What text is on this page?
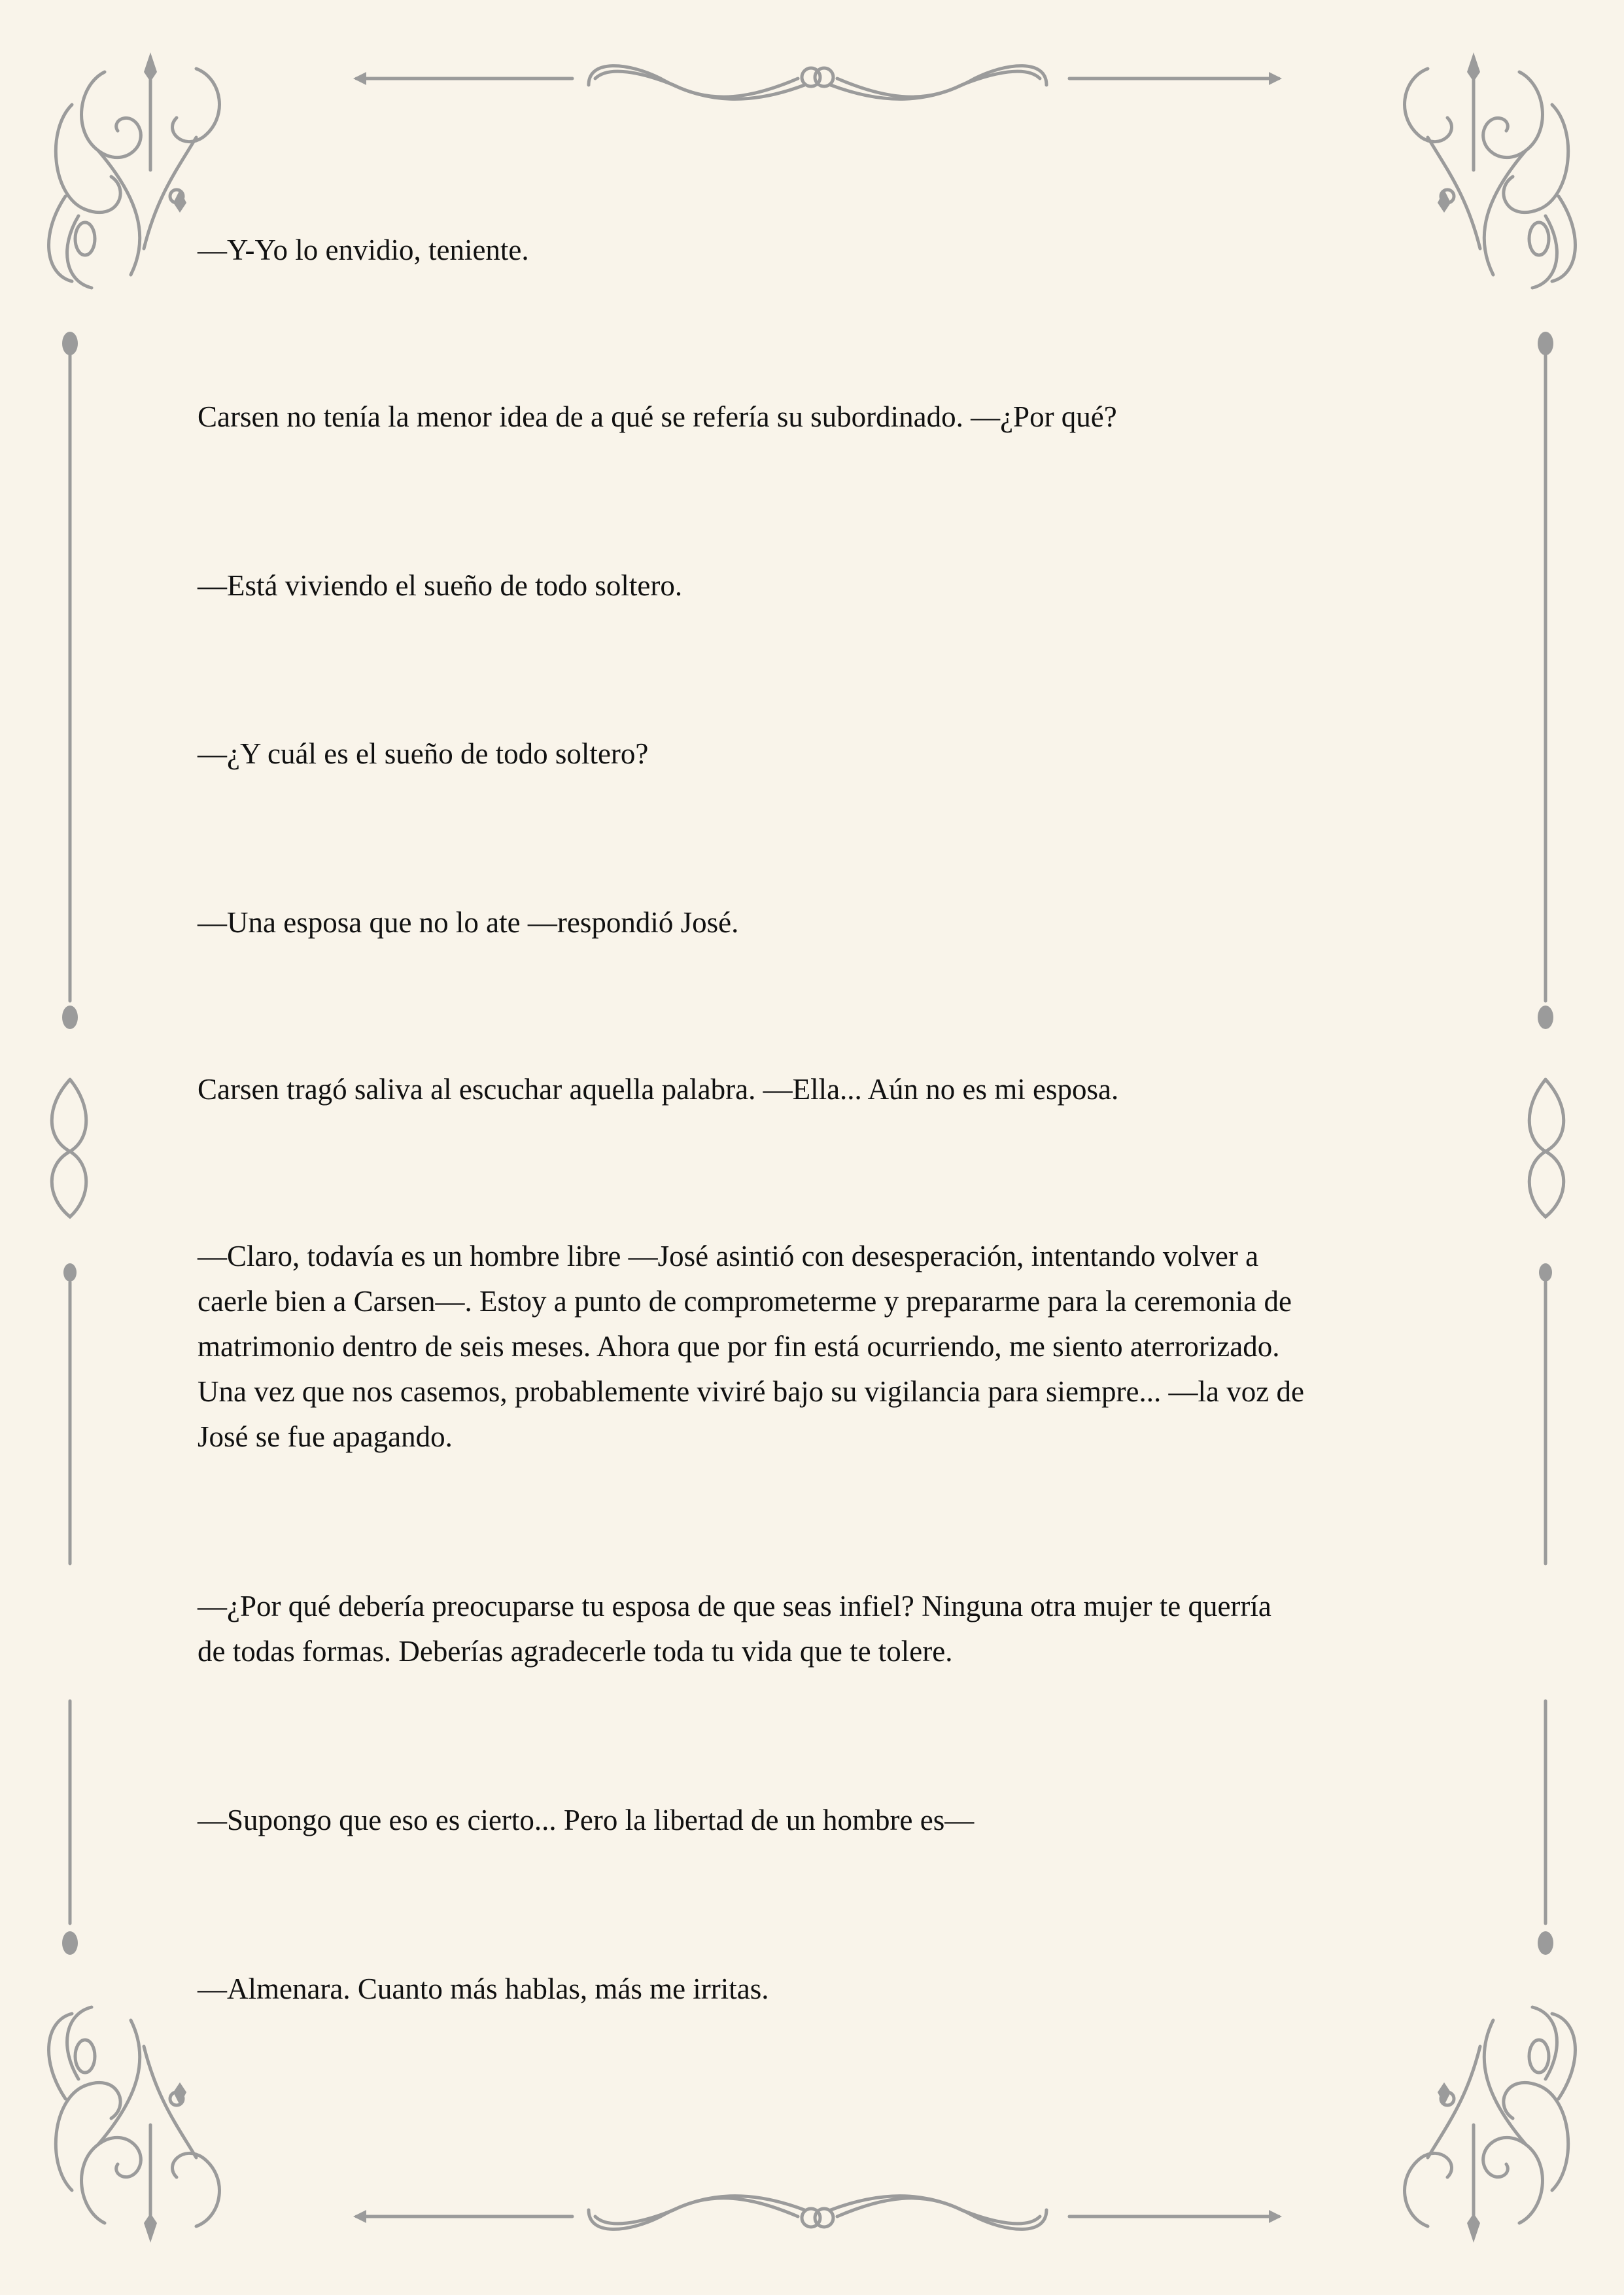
—Y-Yo lo envidio, teniente.
Carsen no tenía la menor idea de a qué se refería su subordinado. —¿Por qué?
—Está viviendo el sueño de todo soltero.
—¿Y cuál es el sueño de todo soltero?
—Una esposa que no lo ate —respondió José.
Carsen tragó saliva al escuchar aquella palabra. —Ella... Aún no es mi esposa.
—Claro, todavía es un hombre libre —José asintió con desesperación, intentando volver a
caerle bien a Carsen—. Estoy a punto de comprometerme y prepararme para la ceremonia de
matrimonio dentro de seis meses. Ahora que por fin está ocurriendo, me siento aterrorizado.
Una vez que nos casemos, probablemente viviré bajo su vigilancia para siempre... —la voz de
José se fue apagando.
—¿Por qué debería preocuparse tu esposa de que seas infiel? Ninguna otra mujer te querría
de todas formas. Deberías agradecerle toda tu vida que te tolere.
—Supongo que eso es cierto... Pero la libertad de un hombre es—
—Almenara. Cuanto más hablas, más me irritas.
